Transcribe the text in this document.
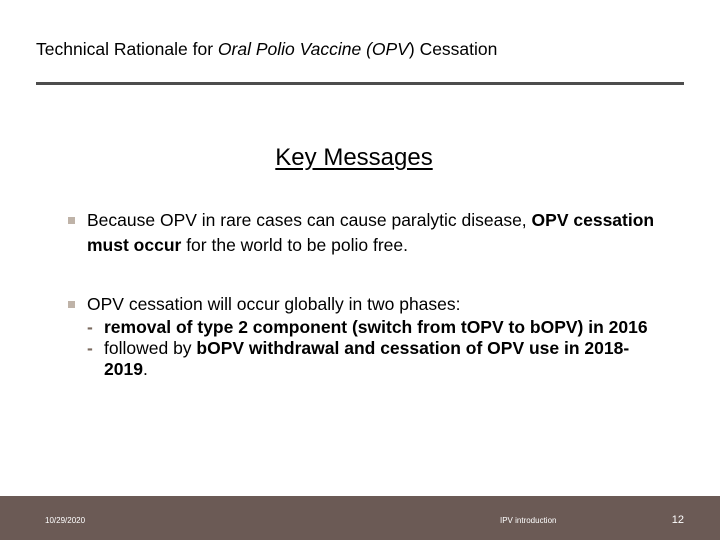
Technical Rationale for Oral Polio Vaccine (OPV) Cessation
Key Messages
Because OPV in rare cases can cause paralytic disease, OPV cessation must occur for the world to be polio free.
OPV cessation will occur globally in two phases:
- removal of type 2 component (switch from tOPV to bOPV) in 2016
- followed by bOPV withdrawal and cessation of OPV use in 2018-2019.
10/29/2020	IPV introduction	12
